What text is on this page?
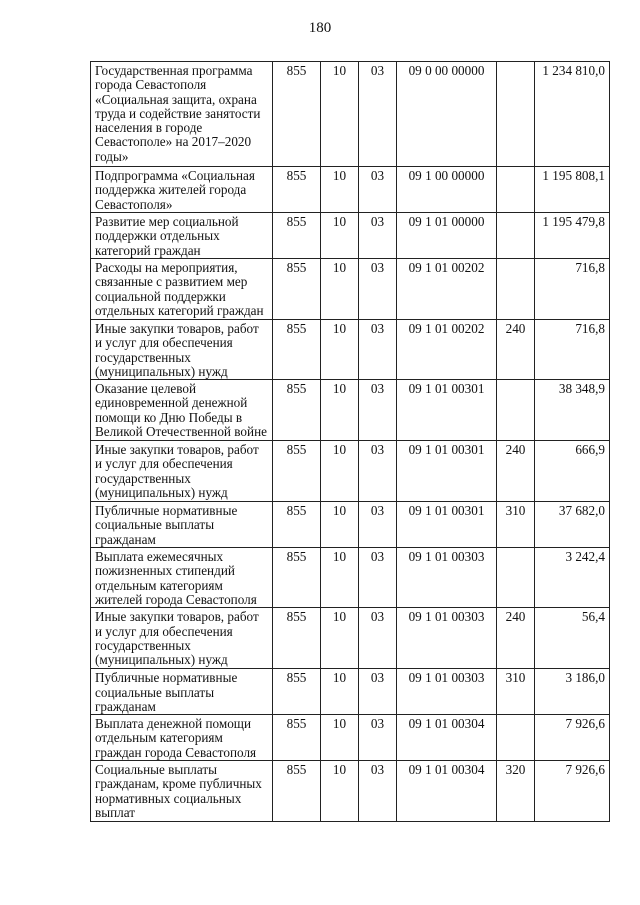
180
Государственная программа города Севастополя «Социальная защита, охрана труда и содействие занятости населения в городе Севастополе» на 2017–2020 годы»	855	10	03	09 0 00 00000		1 234 810,0
Подпрограмма «Социальная поддержка жителей города Севастополя»	855	10	03	09 1 00 00000		1 195 808,1
Развитие мер социальной поддержки отдельных категорий граждан	855	10	03	09 1 01 00000		1 195 479,8
Расходы на мероприятия, связанные с развитием мер социальной поддержки отдельных категорий граждан	855	10	03	09 1 01 00202		716,8
Иные закупки товаров, работ и услуг для обеспечения государственных (муниципальных) нужд	855	10	03	09 1 01 00202	240	716,8
Оказание целевой единовременной денежной помощи ко Дню Победы в Великой Отечественной войне	855	10	03	09 1 01 00301		38 348,9
Иные закупки товаров, работ и услуг для обеспечения государственных (муниципальных) нужд	855	10	03	09 1 01 00301	240	666,9
Публичные нормативные социальные выплаты гражданам	855	10	03	09 1 01 00301	310	37 682,0
Выплата ежемесячных пожизненных стипендий отдельным категориям жителей города Севастополя	855	10	03	09 1 01 00303		3 242,4
Иные закупки товаров, работ и услуг для обеспечения государственных (муниципальных) нужд	855	10	03	09 1 01 00303	240	56,4
Публичные нормативные социальные выплаты гражданам	855	10	03	09 1 01 00303	310	3 186,0
Выплата денежной помощи отдельным категориям граждан города Севастополя	855	10	03	09 1 01 00304		7 926,6
Социальные выплаты гражданам, кроме публичных нормативных социальных выплат	855	10	03	09 1 01 00304	320	7 926,6
